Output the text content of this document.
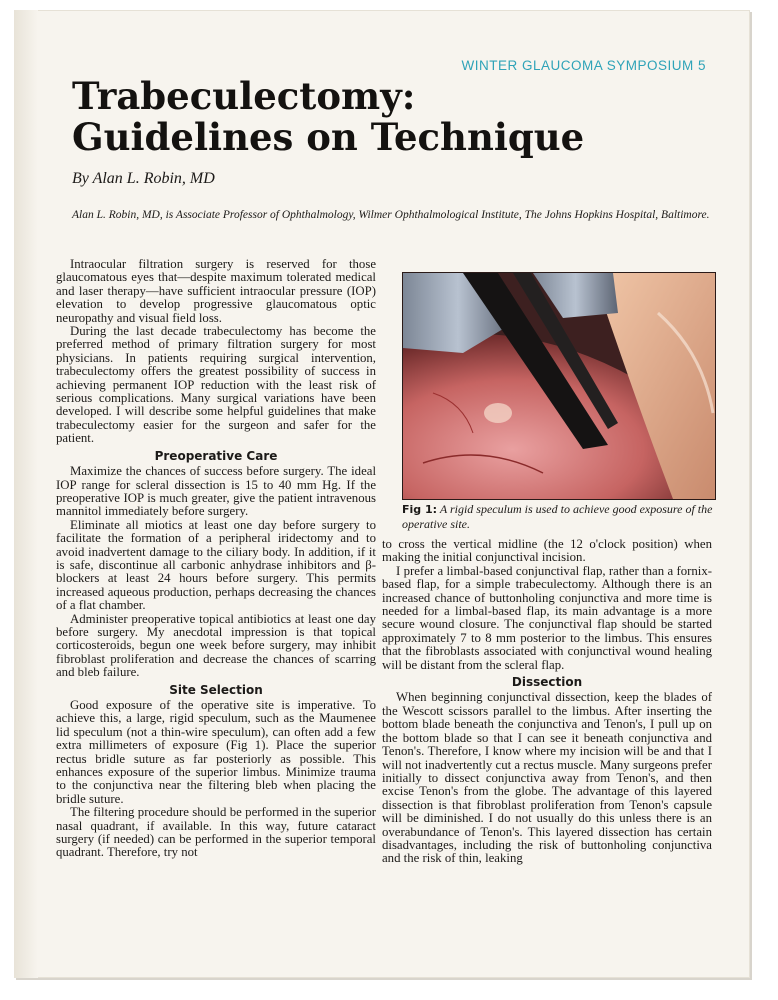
WINTER GLAUCOMA SYMPOSIUM 5
Trabeculectomy: Guidelines on Technique
By Alan L. Robin, MD
Alan L. Robin, MD, is Associate Professor of Ophthalmology, Wilmer Ophthalmological Institute, The Johns Hopkins Hospital, Baltimore.

Intraocular filtration surgery is reserved for those glaucomatous eyes that—despite maximum tolerated medical and laser therapy—have sufficient intraocular pressure (IOP) elevation to develop progressive glaucomatous optic neuropathy and visual field loss.

During the last decade trabeculectomy has become the preferred method of primary filtration surgery for most physicians. In patients requiring surgical intervention, trabeculectomy offers the greatest possibility of success in achieving permanent IOP reduction with the least risk of serious complications. Many surgical variations have been developed. I will describe some helpful guidelines that make trabeculectomy easier for the surgeon and safer for the patient.

Preoperative Care

Maximize the chances of success before surgery. The ideal IOP range for scleral dissection is 15 to 40 mm Hg. If the preoperative IOP is much greater, give the patient intravenous mannitol immediately before surgery.

Eliminate all miotics at least one day before surgery to facilitate the formation of a peripheral iridectomy and to avoid inadvertent damage to the ciliary body. In addition, if it is safe, discontinue all carbonic anhydrase inhibitors and β-blockers at least 24 hours before surgery. This permits increased aqueous production, perhaps decreasing the chances of a flat chamber.

Administer preoperative topical antibiotics at least one day before surgery. My anecdotal impression is that topical corticosteroids, begun one week before surgery, may inhibit fibroblast proliferation and decrease the chances of scarring and bleb failure.

Site Selection

Good exposure of the operative site is imperative. To achieve this, a large, rigid speculum, such as the Maumenee lid speculum (not a thin-wire speculum), can often add a few extra millimeters of exposure (Fig 1). Place the superior rectus bridle suture as far posteriorly as possible. This enhances exposure of the superior limbus. Minimize trauma to the conjunctiva near the filtering bleb when placing the bridle suture.

The filtering procedure should be performed in the superior nasal quadrant, if available. In this way, future cataract surgery (if needed) can be performed in the superior temporal quadrant. Therefore, try not

Fig 1: A rigid speculum is used to achieve good exposure of the operative site.

to cross the vertical midline (the 12 o'clock position) when making the initial conjunctival incision.

I prefer a limbal-based conjunctival flap, rather than a fornix-based flap, for a simple trabeculectomy. Although there is an increased chance of buttonholing conjunctiva and more time is needed for a limbal-based flap, its main advantage is a more secure wound closure. The conjunctival flap should be started approximately 7 to 8 mm posterior to the limbus. This ensures that the fibroblasts associated with conjunctival wound healing will be distant from the scleral flap.

Dissection

When beginning conjunctival dissection, keep the blades of the Wescott scissors parallel to the limbus. After inserting the bottom blade beneath the conjunctiva and Tenon's, I pull up on the bottom blade so that I can see it beneath conjunctiva and Tenon's. Therefore, I know where my incision will be and that I will not inadvertently cut a rectus muscle. Many surgeons prefer initially to dissect conjunctiva away from Tenon's, and then excise Tenon's from the globe. The advantage of this layered dissection is that fibroblast proliferation from Tenon's capsule will be diminished. I do not usually do this unless there is an overabundance of Tenon's. This layered dissection has certain disadvantages, including the risk of buttonholing conjunctiva and the risk of thin, leaking
